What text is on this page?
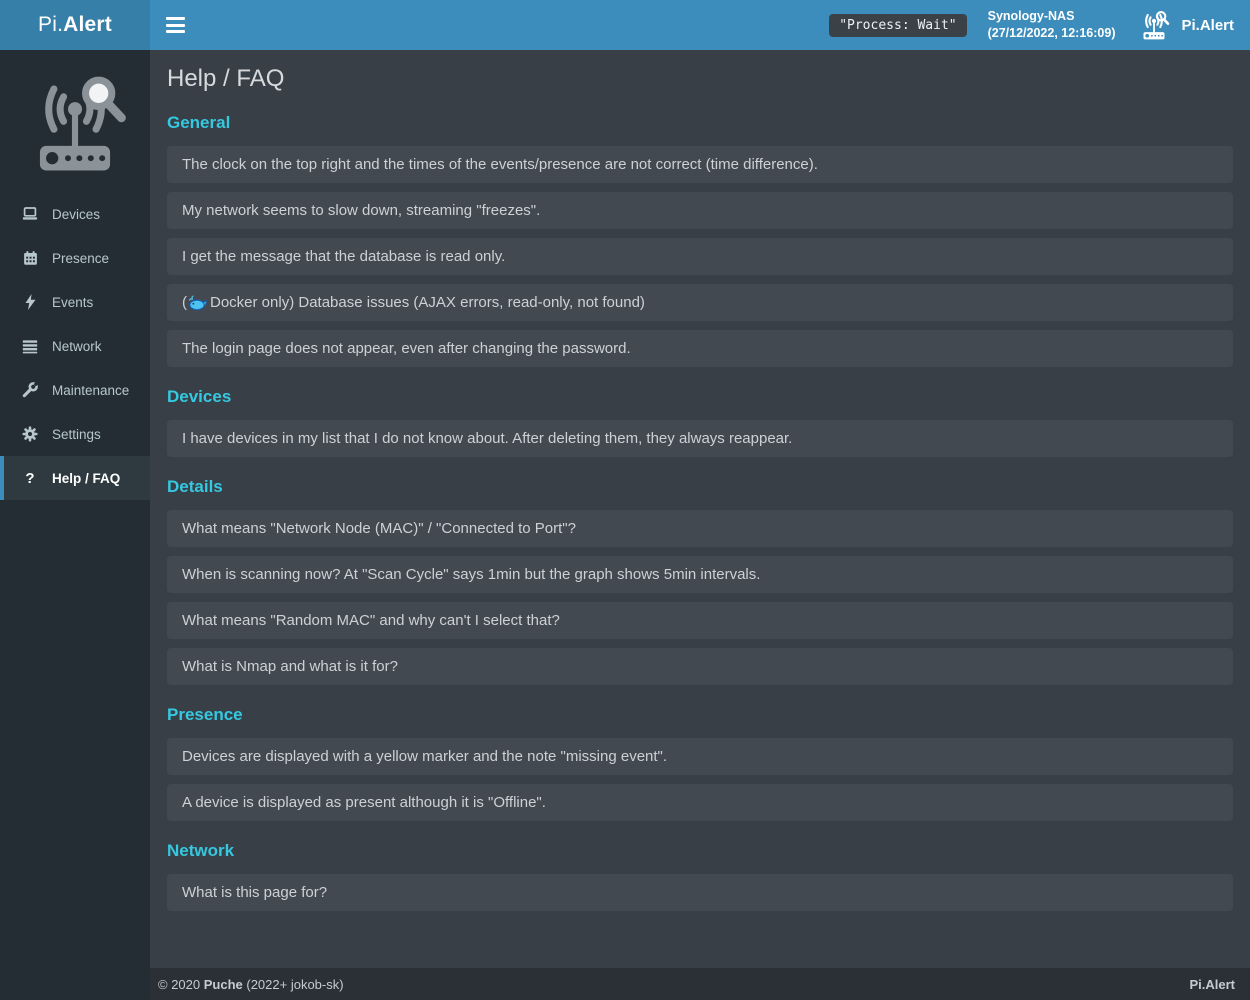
Pi. Alert	"Process: Wait"
Synology-NAS
(27/12/2022, 12:16:09)	Pi.Alert
Devices
Presence
Events
Network
Maintenance
Settings
? Help / FAQ
Help / FAQ
General
The clock on the top right and the times of the events/presence are not correct (time difference).
My network seems to slow down, streaming "freezes".
I get the message that the database is read only.
( Docker only) Database issues (AJAX errors, read-only, not found)
The login page does not appear, even after changing the password.
Devices
I have devices in my list that I do not know about. After deleting them, they always reappear.
Details
What means "Network Node (MAC)" / "Connected to Port"?
When is scanning now? At "Scan Cycle" says 1min but the graph shows 5min intervals.
What means "Random MAC" and why can't I select that?
What is Nmap and what is it for?
Presence
Devices are displayed with a yellow marker and the note "missing event".
A device is displayed as present although it is "Offline".
Network
What is this page for?
© 2020 Puche (2022+ jokob-sk)	Pi.Alert
